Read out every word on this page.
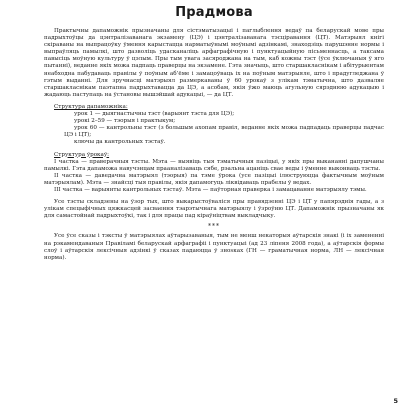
Прадмова

Практычны дапаможнік прызначаны для сістэматызацыі і паглыблення ведаў па беларускай мове пры падрыхтоўцы да цэнтралізаванага экзамену (ЦЭ) і цэнтралізаванага тэсціравання (ЦТ). Матэрыял кнігі скіраваны на выпрацоўку ўмення карыстацца нарматыўнымі моўнымі адзінкамі, знаходзіць парушэнне нормы і выпраўляць памылкі, што дазволіць удасканаліць арфаграфічную і пунктуацыйную пісьменнасць, а таксама павысіць моўную культуру ў цэлым. Пры тым увага засяроджана на тым, каб кожны тэст (ўсе ўключаныя ў яго пытанні), веданне якіх можа падпаць праверцы на экзамене. Гэта значыць, што старшакласнікам і абітурыентам неабходна пабудаваць правілы ў поўным аб’ёме і замацоўваць іх на поўным матэрыяле, што і прадугледжана ў гэтым выданні. Для зручнасці матэрыял размеркаваны ў 60 урокаў з улікам тэматычна, што дазваляе старшакласнікам паэтапна падрыхтавацца да ЦЭ, а асобам, якія ўжо маюць агульную сярэднюю адукацыю і жадаюць паступаць на ўстановы вышэйшай адукацыі, — да ЦТ.

Структура дапаможніка:

урок 1 — дыягнастычны тэст (варыянт тэста для ЦЭ);

урокі 2–59 — тэорыя і практыкум;

урок 60 — кантрольны тэст (з большым ахопам правіл, веданне якіх можа падпадаць праверцы падчас ЦЭ і ЦТ);

ключы да кантрольных тэстаў.

Структура ўрокаў:

І частка — праверачныя тэсты. Мэта — выявіць тыя тэматычныя пазіцыі, у якіх пры выкананні дапушчаны памылкі. Гэта дапаможа навучэнцам прааналізаваць сябе, рэальна ацаніць свае веды і ўменне выконваць тэсты.

ІІ частка — даведачна матэрыял (тэорыя) па тэме ўрока (усе пазіцыі ілюструюцца фактычным моўным матэрыялам). Мэта — знайсці тыя правілы, якія дапамогуць ліквідаваць прабелы ў ведах.

ІІІ частка — варыянты кантрольных тэстаў. Мэта — паўторная праверка і замацаванне матэрыялу тэмы.

Усе тэсты складзены на ўзор тых, што выкарыстоўваліся пры правядзенні ЦЭ і ЦТ у папярэднія гады, а з улікам спецыфічных цяжкасцей засваення тэарэтычнага матэрыялу і ўзроўню ЦТ. Дапаможнік прызначаны як для самастойнай падрыхтоўкі, так і для працы пад кіраўніцтвам выкладчыку.

***

Усе ўсе сказы і тэксты ў матэрыялах аўтарызаваныя, тым не менш некаторыя аўтарскія знакі (і іх замененні на рэкамендаваныя Правіламі беларускай арфаграфіі і пунктуацыі (ад 23 ліпеня 2008 года), а аўтарскія формы слоў і аўтарскія лексічныя адзінкі ў сказах падаюцца ў знosках (ГН — граматычная норма, ЛН — лексічная норма).

5
